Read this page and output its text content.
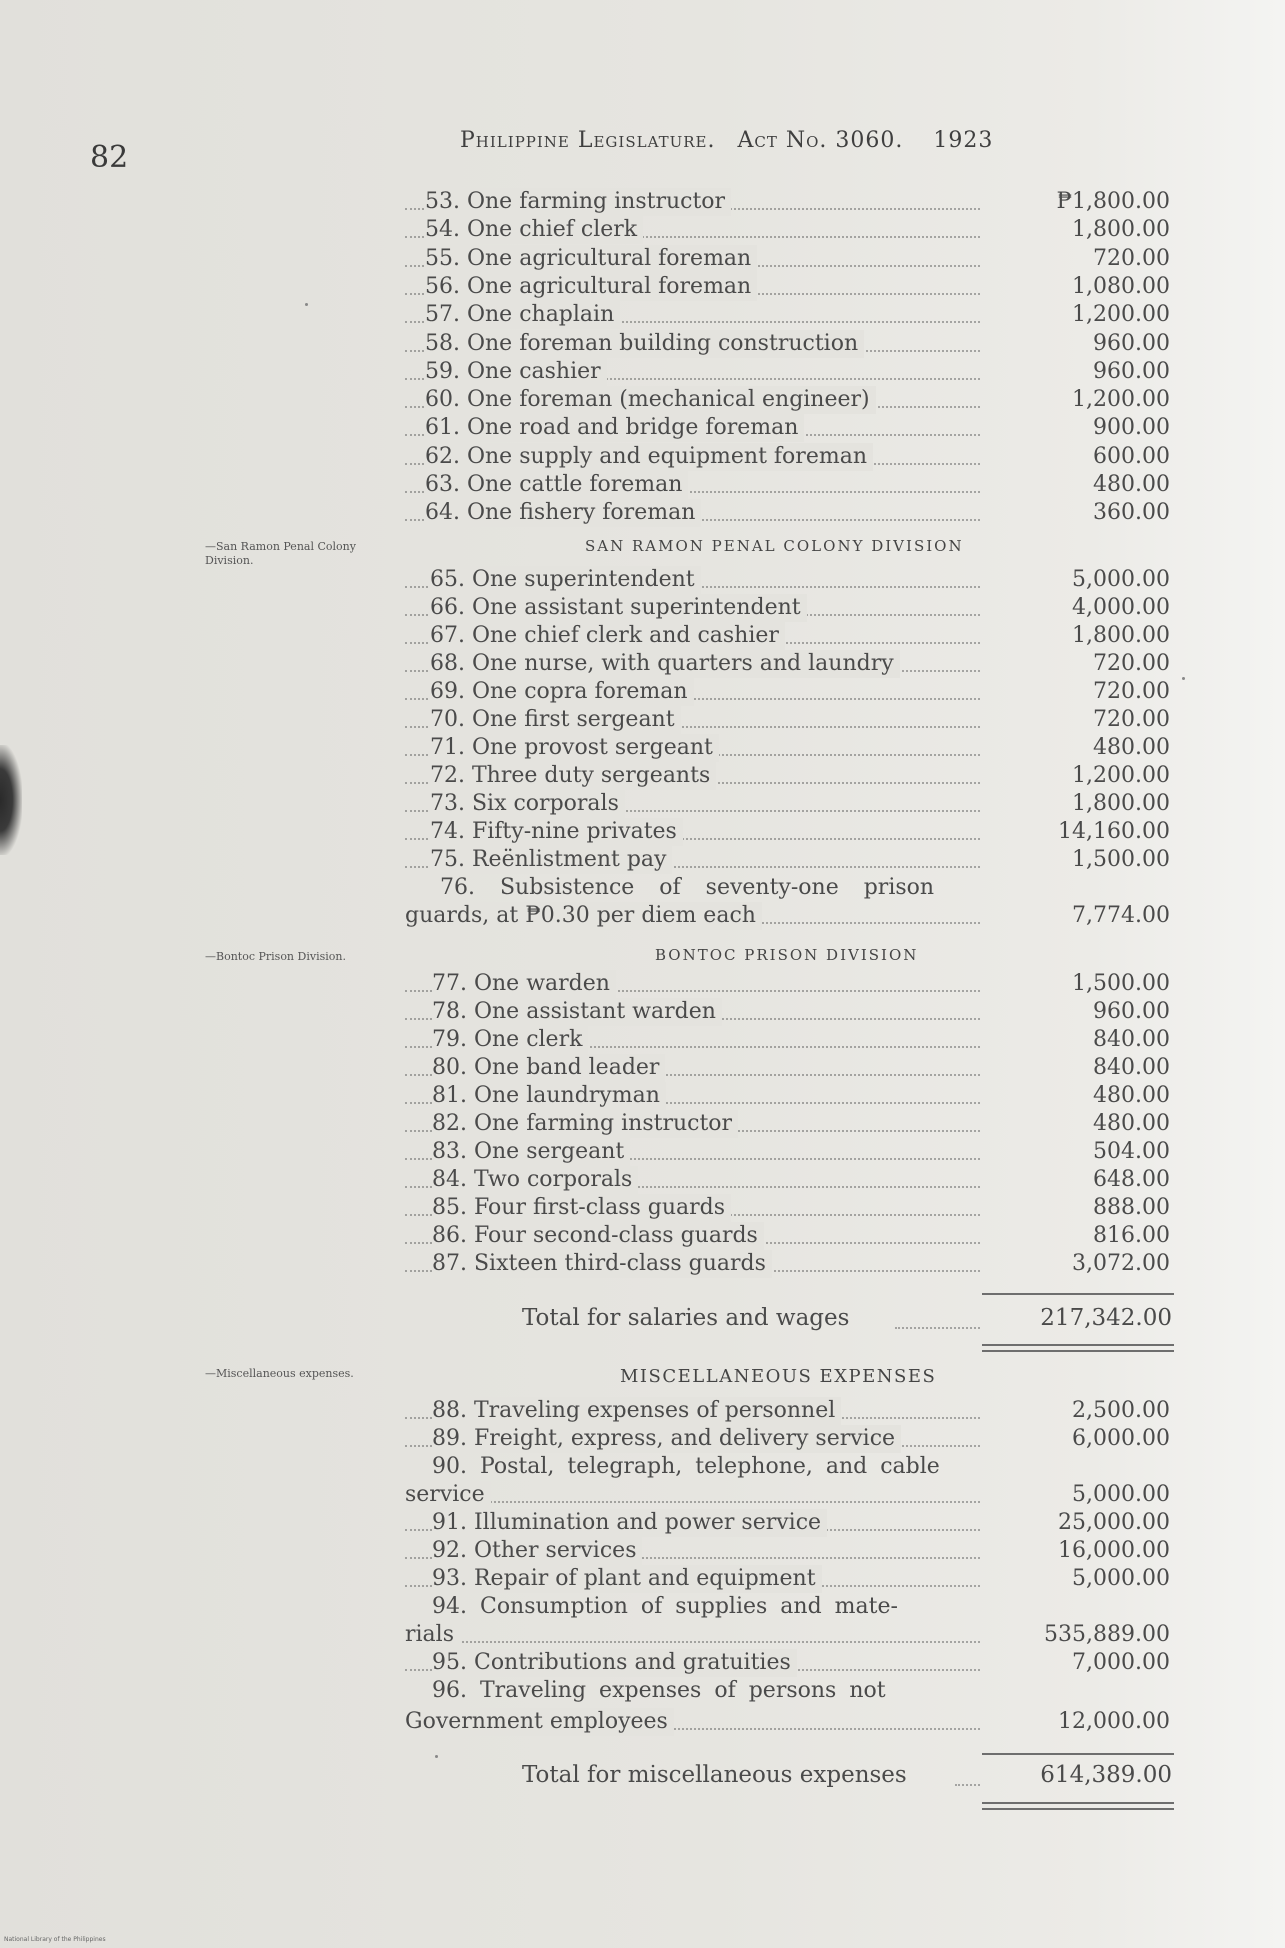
82	Philippine Legislature. Act No. 3060. 1923
—San Ramon Penal Colony Division.
SAN RAMON PENAL COLONY DIVISION
76. Subsistence of seventy-one prison
guards, at ₱0.30 per diem each	7,774.00
—Bontoc Prison Division.	BONTOC PRISON DIVISION
Total for salaries and wages	217,342.00
—Miscellaneous expenses.	MISCELLANEOUS EXPENSES
Total for miscellaneous expenses	614,389.00
National Library of the Philippines
53. One farming instructor	₱1,800.00
54. One chief clerk	1,800.00
55. One agricultural foreman	720.00
56. One agricultural foreman	1,080.00
57. One chaplain	1,200.00
58. One foreman building construction	960.00
59. One cashier	960.00
60. One foreman (mechanical engineer)	1,200.00
61. One road and bridge foreman	900.00
62. One supply and equipment foreman	600.00
63. One cattle foreman	480.00
64. One fishery foreman	360.00
65. One superintendent	5,000.00
66. One assistant superintendent	4,000.00
67. One chief clerk and cashier	1,800.00
68. One nurse, with quarters and laundry	720.00
69. One copra foreman	720.00
70. One first sergeant	720.00
71. One provost sergeant	480.00
72. Three duty sergeants	1,200.00
73. Six corporals	1,800.00
74. Fifty-nine privates	14,160.00
75. Reënlistment pay	1,500.00
77. One warden	1,500.00
78. One assistant warden	960.00
79. One clerk	840.00
80. One band leader	840.00
81. One laundryman	480.00
82. One farming instructor	480.00
83. One sergeant	504.00
84. Two corporals	648.00
85. Four first-class guards	888.00
86. Four second-class guards	816.00
87. Sixteen third-class guards	3,072.00
88. Traveling expenses of personnel	2,500.00
89. Freight, express, and delivery service	6,000.00
90. Postal, telegraph, telephone, and cable
service	5,000.00
91. Illumination and power service	25,000.00
92. Other services	16,000.00
93. Repair of plant and equipment	5,000.00
94. Consumption of supplies and mate-
rials	535,889.00
95. Contributions and gratuities	7,000.00
96. Traveling expenses of persons not
Government employees	12,000.00
